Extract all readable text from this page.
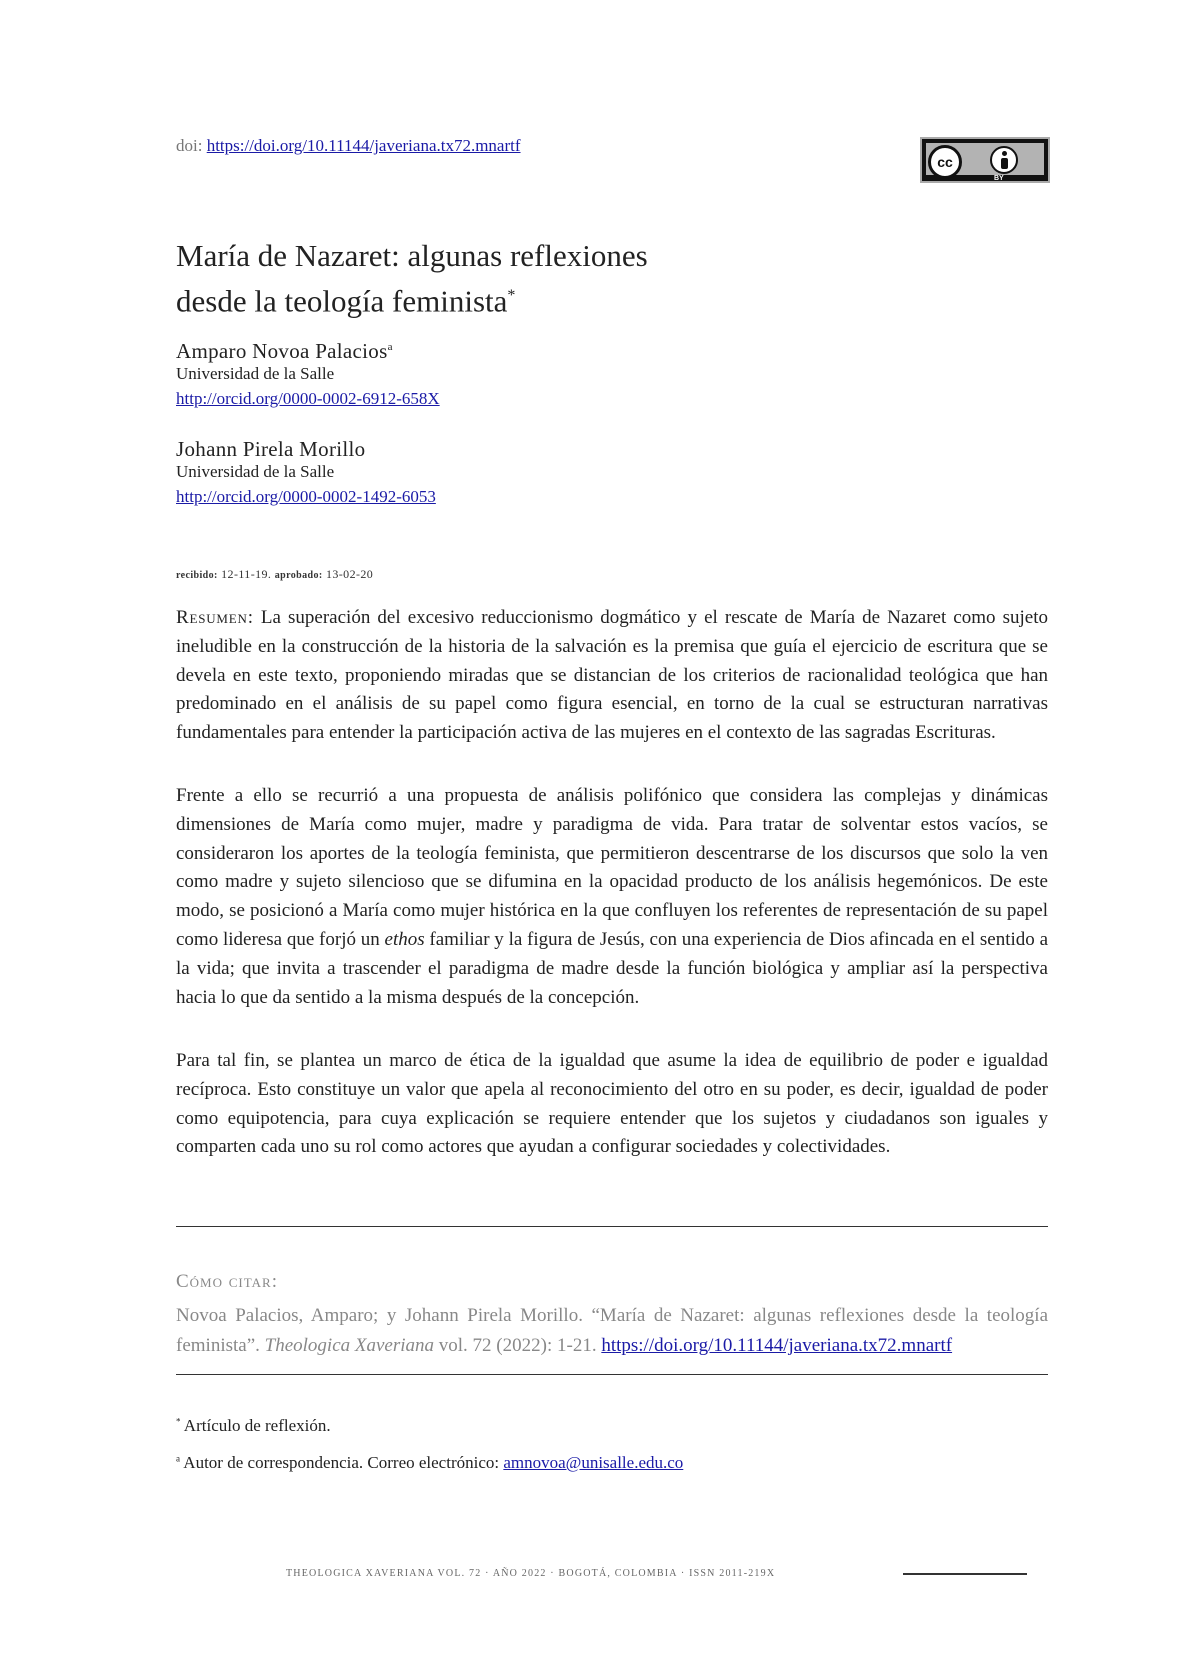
doi: https://doi.org/10.11144/javeriana.tx72.mnartf
cc
BY
María de Nazaret: algunas reflexiones
desde la teología feminista*
Amparo Novoa Palacios$^a$
Universidad de la Salle
http://orcid.org/0000-0002-6912-658X
Johann Pirela Morillo
Universidad de la Salle
http://orcid.org/0000-0002-1492-6053
recibido: 12-11-19. aprobado: 13-02-20
Resumen: La superación del excesivo reduccionismo dogmático y el rescate de María de Nazaret como sujeto ineludible en la construcción de la historia de la salvación es la premisa que guía el ejercicio de escritura que se devela en este texto, proponiendo miradas que se distancian de los criterios de racionalidad teológica que han predominado en el análisis de su papel como figura esencial, en torno de la cual se estructuran narrativas fundamentales para entender la participación activa de las mujeres en el contexto de las sagradas Escrituras.
Frente a ello se recurrió a una propuesta de análisis polifónico que considera las complejas y dinámicas dimensiones de María como mujer, madre y paradigma de vida. Para tratar de solventar estos vacíos, se consideraron los aportes de la teología feminista, que permitieron descentrarse de los discursos que solo la ven como madre y sujeto silencioso que se difumina en la opacidad producto de los análisis hegemónicos. De este modo, se posicionó a María como mujer histórica en la que confluyen los referentes de representación de su papel como lideresa que forjó un ethos familiar y la figura de Jesús, con una experiencia de Dios afincada en el sentido a la vida; que invita a trascender el paradigma de madre desde la función biológica y ampliar así la perspectiva hacia lo que da sentido a la misma después de la concepción.
Para tal fin, se plantea un marco de ética de la igualdad que asume la idea de equilibrio de poder e igualdad recíproca. Esto constituye un valor que apela al reconocimiento del otro en su poder, es decir, igualdad de poder como equipotencia, para cuya explicación se requiere entender que los sujetos y ciudadanos son iguales y comparten cada uno su rol como actores que ayudan a configurar sociedades y colectividades.
Cómo citar:
Novoa Palacios, Amparo; y Johann Pirela Morillo. “María de Nazaret: algunas reflexiones desde la teología feminista”. Theologica Xaveriana vol. 72 (2022): 1-21. https://doi.org/10.11144/javeriana.tx72.mnartf
* Artículo de reflexión.
$^a$ Autor de correspondencia. Correo electrónico: amnovoa@unisalle.edu.co
THEOLOGICA XAVERIANA VOL. 72 · AÑO 2022 · BOGOTÁ, COLOMBIA · ISSN 2011-219X
